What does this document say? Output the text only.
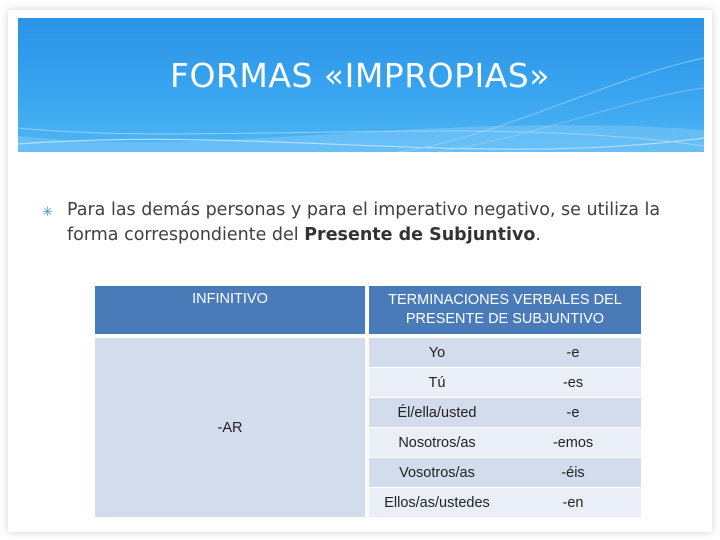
FORMAS «IMPROPIAS»
✳ Para las demás personas y para el imperativo negativo, se utiliza la forma correspondiente del Presente de Subjuntivo.
INFINITIVO		TERMINACIONES VERBALES DEL PRESENTE DE SUBJUNTIVO	
-AR		Yo	-e
		Tú	-es
		Él/ella/usted	-e
		Nosotros/as	-emos
		Vosotros/as	-éis
		Ellos/as/ustedes	-en
